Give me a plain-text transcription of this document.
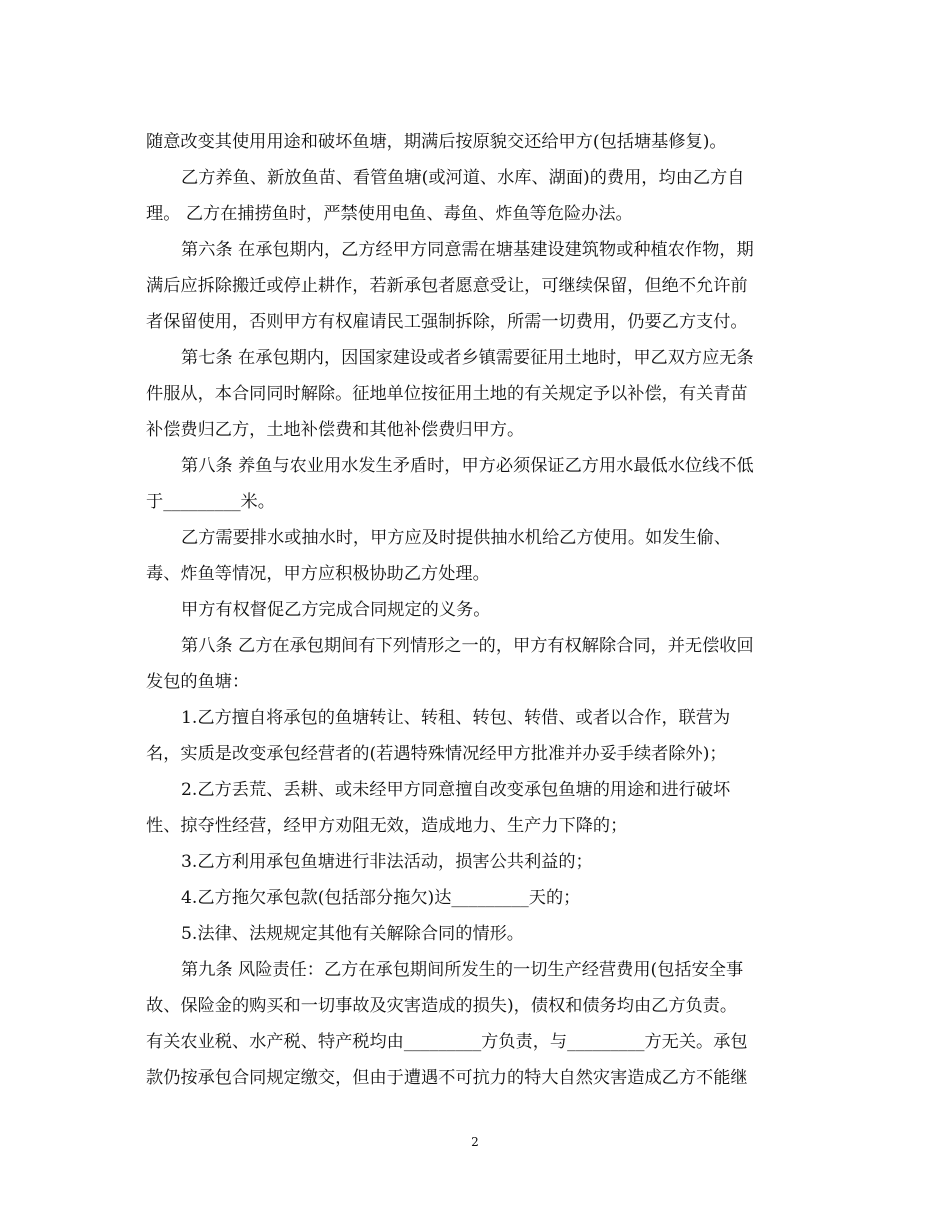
随意改变其使用用途和破坏鱼塘，期满后按原貌交还给甲方(包括塘基修复)。
乙方养鱼、新放鱼苗、看管鱼塘(或河道、水库、湖面)的费用，均由乙方自
理。 乙方在捕捞鱼时，严禁使用电鱼、毒鱼、炸鱼等危险办法。
第六条 在承包期内，乙方经甲方同意需在塘基建设建筑物或种植农作物，期
满后应拆除搬迁或停止耕作，若新承包者愿意受让，可继续保留，但绝不允许前
者保留使用，否则甲方有权雇请民工强制拆除，所需一切费用，仍要乙方支付。
第七条 在承包期内，因国家建设或者乡镇需要征用土地时，甲乙双方应无条
件服从，本合同同时解除。征地单位按征用土地的有关规定予以补偿，有关青苗
补偿费归乙方，土地补偿费和其他补偿费归甲方。
第八条 养鱼与农业用水发生矛盾时，甲方必须保证乙方用水最低水位线不低
于_________米。
乙方需要排水或抽水时，甲方应及时提供抽水机给乙方使用。如发生偷、
毒、炸鱼等情况，甲方应积极协助乙方处理。
甲方有权督促乙方完成合同规定的义务。
第八条 乙方在承包期间有下列情形之一的，甲方有权解除合同，并无偿收回
发包的鱼塘：
1.乙方擅自将承包的鱼塘转让、转租、转包、转借、或者以合作，联营为
名，实质是改变承包经营者的(若遇特殊情况经甲方批准并办妥手续者除外)；
2.乙方丢荒、丢耕、或未经甲方同意擅自改变承包鱼塘的用途和进行破坏
性、掠夺性经营，经甲方劝阻无效，造成地力、生产力下降的；
3.乙方利用承包鱼塘进行非法活动，损害公共利益的；
4.乙方拖欠承包款(包括部分拖欠)达_________天的；
5.法律、法规规定其他有关解除合同的情形。
第九条 风险责任：乙方在承包期间所发生的一切生产经营费用(包括安全事
故、保险金的购买和一切事故及灾害造成的损失)，债权和债务均由乙方负责。
有关农业税、水产税、特产税均由_________方负责，与_________方无关。承包
款仍按承包合同规定缴交，但由于遭遇不可抗力的特大自然灾害造成乙方不能继
2
